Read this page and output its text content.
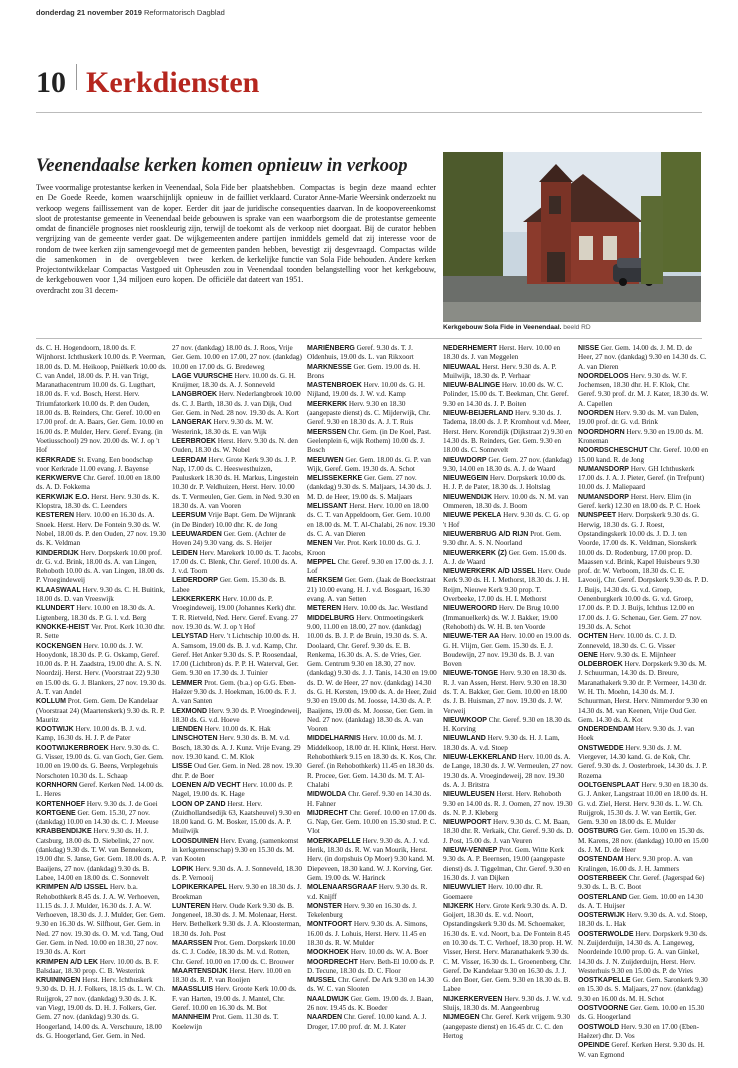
donderdag 21 november 2019 Reformatorisch Dagblad
10 Kerkdiensten
Veenendaalse kerken komen opnieuw in verkoop

Twee voormalige protestantse kerken in Veenendaal, Sola Fide en De Goede Reede, komen waarschijnlijk opnieuw in de verkoop wegens faillissement van de koper. Eerder dit jaar sloot de protestantse gemeente in Veenendaal beide gebouwen omdat de financiële prognoses niet rooskleurig zijn, terwijl de vergrijzing van de gemeente verder gaat. De wijkgemeenten rondom de twee kerken zijn samengevoegd met de gemeenten die samenkomen in de overgebleven twee kerken. Projectontwikkelaar Compactas Vastgoed uit Opheusden zou de kerkgebouwen voor 1,34 miljoen euro kopen. De officiële overdracht zou 31 decem-

ber plaatshebben. Compactas is begin deze maand echter failliet verklaard. Curator Anne-Marie Weersink onderzoekt nu de juridische consequenties daarvan. In de koopovereenkomst is sprake van een waarborgsom die de protestantse gemeente toekomt als de verkoop niet doorgaat. Bij de curator hebben andere partijen inmiddels gemeld dat zij interesse voor de panden hebben, bevestigt zij desgevraagd. Compactas wilde de kerkelijke functie van Sola Fide behouden. Andere kerken in Veenendaal toonden belangstelling voor het kerkgebouw, dat dateert van 1951.

Kerkgebouw Sola Fide in Veenendaal. beeld RD

ds. C. H. Hogendoorn, 18.00 ds. F. Wijnhorst. Ichthuskerk 10.00 ds. P. Veerman, 18.00 ds. D. M. Heikoop, Pniëlkerk 10.00 ds. C. van Andel, 18.00 ds. P. H. van Trigt, Maranathacentrum 10.00 ds. G. Lugthart, 18.00 ds. F. v.d. Bosch, Herst. Herv. Triumfatorkerk 10.00 ds. P. den Ouden, 18.00 ds. B. Reinders, Chr. Geref. 10.00 en 17.00 prof. dr. A. Baars, Ger. Gem. 10.00 en 16.00 ds. P. Mulder, Herv. Geref. Evang. (in Voetiusschool) 29 nov. 20.00 ds. W. J. op 't Hof

KERKRADE St. Evang. Een boodschap voor Kerkrade 11.00 evang. J. Bayense

KERKWERVE Chr. Geref. 10.00 en 18.00 ds. A. D. Fokkema

KERKWIJK E.O. Herst. Herv. 9.30 ds. K. Klopstra, 18.30 ds. C. Leenders

KESTEREN Herv. 10.00 en 16.30 ds. A. Snoek. Herst. Herv. De Fontein 9.30 ds. W. Nobel, 18.00 ds. P. den Ouden, 27 nov. 19.30 ds. K. Veldman

KINDERDIJK Herv. Dorpskerk 10.00 prof. dr. G. v.d. Brink, 18.00 ds. A. van Lingen, Rehoboth 10.00 ds. A. van Lingen, 18.00 ds. P. Vroegindeweij

KLAASWAAL Herv. 9.30 ds. C. H. Buitink, 18.00 ds. D. van Vreeswijk

KLUNDERT Herv. 10.00 en 18.30 ds. A. Ligtenberg, 18.30 ds. P. G. l. v.d. Berg

KNOKKE-HEIST Ver. Prot. Kerk 10.30 dhr. R. Sette

KOCKENGEN Herv. 10.00 ds. J. W. Hooydonk, 18.30 ds. P. G. Oskamp, Geref. 10.00 ds. P. H. Zaadstra, 19.00 dhr. A. S. N. Noordzij. Herst. Herv. (Voorstraat 22) 9.30 en 15.00 ds. G. J. Blankers, 27 nov. 19.30 ds. A. T. van Andel

KOLLUM Prot. Gem. Gem. De Kandelaar (Voorstraat 24) (Maartenskerk) 9.30 ds. R. P. Mauritz

KOOTWIJK Herv. 10.00 ds. B. J. v.d. Kamp, 16.30 ds. H. J. P. de Pater

KOOTWIJKERBROEK Herv. 9.30 ds. C. G. Visser, 19.00 ds. G. van Goch, Ger. Gem. 10.00 en 19.00 ds. G. Beens, Verplegehuis Norschoten 10.30 ds. L. Schaap

KORNHORN Geref. Kerken Ned. 14.00 ds. L. Heres

KORTENHOEF Herv. 9.30 ds. J. de Goei

KORTGENE Ger. Gem. 15.30, 27 nov. (dankdag) 10.00 en 14.30 ds. C. J. Meeuse

KRABBENDIJKE Herv. 9.30 ds. H. J. Catsburg, 18.00 ds. D. Siebelink, 27 nov. (dankdag) 9.30 ds. T. W. van Bennekom, 19.00 dhr. S. Janse, Ger. Gem. 18.00 ds. A. P. Baaijens, 27 nov. (dankdag) 9.30 ds. B. Labee, 14.00 en 18.00 ds. C. Sonnevelt

KRIMPEN A/D IJSSEL Herv. b.a. Rehobothkerk 8.45 ds. J. A. W. Verhoeven, 11.15 ds. J. J. Mulder, 16.30 ds. J. A. W. Verhoeven, 18.30 ds. J. J. Mulder, Ger. Gem. 9.30 en 16.30 ds. W. Silfhout, Ger. Gem. in Ned. 27 nov. 19.30 ds. O. M. v.d. Tang, Oud Ger. Gem. in Ned. 10.00 en 18.30, 27 nov. 19.30 ds. A. Kort

KRIMPEN A/D LEK Herv. 10.00 ds. B. F. Balsdaar, 18.30 prop. C. B. Westerink

KRUININGEN Herst. Herv. Ichthuskerk 9.30 ds. D. H. J. Folkers, 18.15 ds. L. W. Ch. Ruijgrok, 27 nov. (dankdag) 9.30 ds. J. K. van Viegt, 19.00 ds. D. H. J. Folkers, Ger. Gem. 27 nov. (dankdag) 9.30 ds. G. Hoogerland, 14.00 ds. A. Verschuure, 18.00 ds. G. Hoogerland, Ger. Gem. in Ned.

27 nov. (dankdag) 18.00 ds. J. Roos, Vrije Ger. Gem. 10.00 en 17.00, 27 nov. (dankdag) 10.00 en 17.00 ds. G. Bredeweg

LAGE VUURSCHE Herv. 10.00 ds. G. H. Kruijmer, 18.30 ds. A. J. Sonneveld

LANGBROEK Herv. Nederlangbroek 10.00 ds. C. J. Barth, 18.30 ds. J. van Dijk, Oud Ger. Gem. in Ned. 28 nov. 19.30 ds. A. Kort

LANGERAK Herv. 9.30 ds. M. W. Westerink, 18.30 ds. E. van Wijk

LEERBROEK Herst. Herv. 9.30 ds. N. den Ouden, 18.30 ds. W. Nobel

LEERDAM Herv. Grote Kerk 9.30 ds. J. P. Nap, 17.00 ds. C. Heeswesthuizen, Pauluskerk 18.30 ds. H. Markus, Lingestein 10.30 dr. P. Veldhuizen, Herst. Herv. 10.00 ds. T. Vermeulen, Ger. Gem. in Ned. 9.30 en 18.30 ds. A. van Vooren

LEERSUM Vrije Bapt. Gem. De Wijnrank (in De Binder) 10.00 dhr. K. de Jong

LEEUWARDEN Ger. Gem. (Achter de Hoven 24) 9.30 vang. ds. S. Heijer

LEIDEN Herv. Marekerk 10.00 ds. T. Jacobs, 17.00 ds. C. Blenk, Chr. Geref. 10.00 ds. A. J. v.d. Toorn

LEIDERDORP Ger. Gem. 15.30 ds. B. Labee

LEKKERKERK Herv. 10.00 ds. P. Vroegindeweij, 19.00 (Johannes Kerk) dhr. T. R. Rietveld, Ned. Herv. Geref. Evang. 27 nov. 19.30 ds. W. J. op 't Hof

LELYSTAD Herv. 't Lichtschip 10.00 ds. H. A. Samsom, 19.00 ds. B. J. v.d. Kamp, Chr. Geref. Het Anker 9.30 ds. S. P. Roosendaal, 17.00 (Lichtbron) ds. P. P. H. Waterval, Ger. Gem. 9.30 en 17.30 ds. J. Tuinier

LEMMER Prot. Gem. (b.a.) op G.G. Eben-Haëzer 9.30 ds. J. Hoekman, 16.00 ds. F. J. A. van Santen

LEXMOND Herv. 9.30 ds. P. Vroegindeweij, 18.30 ds. G. v.d. Hoeve

LIENDEN Herv. 10.00 ds. K. Hak

LINSCHOTEN Herv. 9.30 ds. B. M. v.d. Bosch, 18.30 ds. A. J. Kunz. Vrije Evang. 29 nov. 19.30 kand. C. M. Klok

LISSE Oud Ger. Gem. in Ned. 28 nov. 19.30 dhr. P. de Boer

LOENEN A/D VECHT Herv. 10.00 ds. P. Nagel, 19.00 ds. K. Hage

LOON OP ZAND Herst. Herv. (Zuidhollandsedijk 63, Kaatsheuvel) 9.30 en 18.00 kand. G. M. Bosker, 15.00 ds. A. P. Muilwijk

LOOSDUINEN Herv. Evang. (samenkomst in kerkgemeenschap) 9.30 en 15.30 ds. M. van Kooten

LOPIK Herv. 9.30 ds. A. J. Sonneveld, 18.30 ds. P. Vernooij

LOPIKERKAPEL Herv. 9.30 en 18.30 ds. J. Broekman

LUNTEREN Herv. Oude Kerk 9.30 ds. B. Jongeneel, 18.30 ds. J. M. Molenaar, Herst. Herv. Bethelkerk 9.30 ds. J. A. Kloosterman, 18.30 ds. Joh. Post

MAARSSEN Prot. Gem. Dorpskerk 10.00 ds. C. J. Codée, 18.30 ds. M. v.d. Rotten, Chr. Geref. 10.00 en 17.00 ds. C. Brouwer

MAARTENSDIJK Herst. Herv. 10.00 en 18.30 ds. R. P. van Rooijen

MAASSLUIS Herv. Groote Kerk 10.00 ds. F. van Harten, 19.00 ds. J. Mantel, Chr. Geref. 10.00 en 16.30 ds. M. Bot

MANNHEIM Prot. Gem. 11.30 ds. T. Koelewijn

MARIËNBERG Geref. 9.30 ds. T. J. Oldenhuis, 19.00 ds. L. van Rikxoort

MARKNESSE Ger. Gem. 19.00 ds. H. Brons

MASTENBROEK Herv. 10.00 ds. G. H. Nijland, 19.00 ds. J. W. v.d. Kamp

MEERKERK Herv. 9.30 en 18.30 (aangepaste dienst) ds. C. Mijderwijk, Chr. Geref. 9.30 en 18.30 ds. A. J. T. Ruis

MEERSSEN Chr. Gem. (in De Koel, Past. Geelenplein 6, wijk Rothem) 10.00 ds. J. Bosch

MEEUWEN Ger. Gem. 18.00 ds. G. P. van Wijk, Geref. Gem. 19.30 ds. A. Schot

MELISSEKERKE Ger. Gem. 27 nov. (dankdag) 9.30 ds. S. Maljaars, 14.30 ds. J. M. D. de Heer, 19.00 ds. S. Maljaars

MELISSANT Herst. Herv. 10.00 en 18.00 ds. C. T. van Appeldoorn, Ger. Gem. 10.00 en 18.00 ds. M. T. Al-Chalabi, 26 nov. 19.30 ds. C. A. van Dieren

MENEN Ver. Prot. Kerk 10.00 ds. G. J. Kroon

MEPPEL Chr. Geref. 9.30 en 17.00 ds. J. J. Lof

MERKSEM Ger. Gem. (Jaak de Boeckstraat 21) 10.00 evang. H. J. v.d. Bosgaart, 16.30 evang. A. van Setten

METEREN Herv. 10.00 ds. Jac. Westland

MIDDELBURG Herv. Ontmoetingskerk 9.00, 11.00 en 18.00, 27 nov. (dankdag) 10.00 ds. B. J. P. de Bruin, 19.30 ds. S. A. Doolaard, Chr. Geref. 9.30 ds. E. B. Renkema, 16.30 ds. A. S. de Vries, Ger. Gem. Centrum 9.30 en 18.30, 27 nov. (dankdag) 9.30 ds. J. J. Tanis, 14.30 en 19.00 ds. D. W. de Heer, 27 nov. (dankdag) 14.30 ds. G. H. Kersten, 19.00 ds. A. de Heer, Zuid 9.30 en 19.00 ds. M. Joosse, 14.30 ds. A. P. Baaijens, 19.00 ds. M. Joosse, Ger. Gem. in Ned. 27 nov. (dankdag) 18.30 ds. A. van Vooren

MIDDELHARNIS Herv. 10.00 ds. M. J. Middelkoop, 18.00 dr. H. Klink, Herst. Herv. Rehobothkerk 9.15 en 18.30 ds. K. Kos, Chr. Geref. (in Rehobothkerk) 11.45 en 18.30 ds. R. Procee, Ger. Gem. 14.30 ds. M. T. Al-Chalabi

MIDWOLDA Chr. Geref. 9.30 en 14.30 ds. H. Fahner

MIJDRECHT Chr. Geref. 10.00 en 17.00 ds. G. Nap, Ger. Gem. 10.00 en 15.30 stud. P. C. Vlot

MOERKAPELLE Herv. 9.30 ds. A. J. v.d. Herik, 18.30 ds. R. W. van Mourik, Herst. Herv. (in dorpshuis Op Moer) 9.30 kand. M. Diepeveen, 18.30 kand. W. J. Korving, Ger. Gem. 19.00 ds. W. Harinck

MOLENAARSGRAAF Herv. 9.30 ds. R. v.d. Knijff

MONSTER Herv. 9.30 en 16.30 ds. J. Tekelenburg

MONTFOORT Herv. 9.30 ds. A. Simons, 16.00 ds. J. Lohuis, Herst. Herv. 11.45 en 18.30 ds. R. W. Mulder

MOOKHOEK Herv. 10.00 ds. W. A. Boer

MOORDRECHT Herv. Beth-El 10.00 ds. P. D. Tecune, 18.30 ds. D. C. Floor

MUSSEL Chr. Geref. De Ark 9.30 en 14.30 ds. W. C. van Slooten

NAALDWIJK Ger. Gem. 19.00 ds. J. Baan, 26 nov. 19.45 ds. K. Boeder

NAARDEN Chr. Geref. 10.00 kand. A. J. Droger, 17.00 prof. dr. M. J. Kater

NEDERHEMERT Herst. Herv. 10.00 en 18.30 ds. J. van Meggelen

NIEUWAAL Herst. Herv. 9.30 ds. A. P. Muilwijk, 18.30 ds. P. Verhaar

NIEUW-BALINGE Herv. 10.00 ds. W. C. Polinder, 15.00 ds. T. Beekman, Chr. Geref. 9.30 en 14.30 ds. J. P. Boiten

NIEUW-BEIJERLAND Herv. 9.30 ds. J. Tadema, 18.00 ds. J. P. Kromhout v.d. Meer, Herst. Herv. Korendijk (Dijkstraat 2) 9.30 en 14.30 ds. B. Reinders, Ger. Gem. 9.30 en 18.00 ds. C. Sonnevelt

NIEUWDORP Ger. Gem. 27 nov. (dankdag) 9.30, 14.00 en 18.30 ds. A. J. de Waard

NIEUWEGEIN Herv. Dorpskerk 10.00 ds. H. J. P. de Pater, 18.30 ds. J. Holtslag

NIEUWENDIJK Herv. 10.00 ds. N. M. van Ommeren, 18.30 ds. J. Boom

NIEUWE PEKELA Herv. 9.30 ds. C. G. op 't Hof

NIEUWERBRUG A/D RIJN Prot. Gem. 9.30 dhr. A. S. N. Noorland

NIEUWERKERK (Z) Ger. Gem. 15.00 ds. A. J. de Waard

NIEUWERKERK A/D IJSSEL Herv. Oude Kerk 9.30 ds. H. I. Methorst, 18.30 ds. J. H. Reijm, Nieuwe Kerk 9.30 prop. T. Overbeeke, 17.00 ds. H. I. Methorst

NIEUWEROORD Herv. De Brug 10.00 (Immanuelkerk) ds. W. J. Bakker, 19.00 (Rehoboth) ds. W. H. B. ten Voorde

NIEUWE-TER AA Herv. 10.00 en 19.00 ds. G. H. Vlijm, Ger. Gem. 15.30 ds. E. J. Boudewijn, 27 nov. 19.30 ds. B. J. van Boven

NIEUWE-TONGE Herv. 9.30 en 18.30 ds. R. J. van Assen, Herst. Herv. 9.30 en 18.30 ds. T. A. Bakker, Ger. Gem. 10.00 en 18.00 ds. J. B. Huisman, 27 nov. 19.30 ds. J. W. Verweij

NIEUWKOOP Chr. Geref. 9.30 en 18.30 ds. H. Korving

NIEUWLAND Herv. 9.30 ds. H. J. Lam, 18.30 ds. A. v.d. Stoep

NIEUW-LEKKERLAND Herv. 10.00 ds. A. de Lange, 18.30 ds. J. W. Vermeulen, 27 nov. 19.30 ds. A. Vroegindeweij, 28 nov. 19.30 ds. A. J. Britstra

NIEUWLEUSEN Herst. Herv. Rehoboth 9.30 en 14.00 ds. R. J. Oomen, 27 nov. 19.30 ds. N. P. J. Kleberg

NIEUWPOORT Herv. 9.30 ds. C. M. Baan, 18.30 dhr. R. Verkaik, Chr. Geref. 9.30 ds. D. J. Post, 15.00 ds. J. van Veuren

NIEUW-VENNEP Prot. Gem. Witte Kerk 9.30 ds. A. P. Beernsen, 19.00 (aangepaste dienst) ds. J. Tiggelman, Chr. Geref. 9.30 en 16.30 ds. J. van Dijken

NIEUWVLIET Herv. 10.00 dhr. R. Goemaere

NIJKERK Herv. Grote Kerk 9.30 ds. A. D. Goijert, 18.30 ds. E. v.d. Noort, Opstandingskerk 9.30 ds. M. Schoemaker, 16.30 ds. E. v.d. Noort, b.a. De Fontein 8.45 en 10.30 ds. T. C. Verhoef, 18.30 prop. H. W. Visser, Herst. Herv. Maranathakerk 9.30 ds. C. M. Visser, 16.30 ds. L. Groenenberg, Chr. Geref. De Kandelaar 9.30 en 16.30 ds. J. J. G. den Boer, Ger. Gem. 9.30 en 18.30 ds. B. Labee

NIJKERKERVEEN Herv. 9.30 ds. J. W. v.d. Sluijs, 18.30 ds. M. Aangeenbrug

NIJMEGEN Chr. Geref. Kerk vrijgem. 9.30 (aangepaste dienst) en 16.45 dr. C. C. den Hertog

NISSE Ger. Gem. 14.00 ds. J. M. D. de Heer, 27 nov. (dankdag) 9.30 en 14.30 ds. C. A. van Dieren

NOORDELOOS Herv. 9.30 ds. W. F. Jochemsen, 18.30 dhr. H. F. Klok, Chr. Geref. 9.30 prof. dr. M. J. Kater, 18.30 ds. W. A. Capellen

NOORDEN Herv. 9.30 ds. M. van Dalen, 19.00 prof. dr. G. v.d. Brink

NOORDHORN Herv. 9.30 en 19.00 ds. M. Kroneman

NOORDSCHESCHUT Chr. Geref. 10.00 en 15.00 kand. R. de Jong

NUMANSDORP Herv. GH Ichthuskerk 17.00 ds. J. A. J. Pieter, Geref. (in Trefpunt) 10.00 ds. J. Maliepaard

NUMANSDORP Herst. Herv. Elim (in Geref. kerk) 12.30 en 18.00 ds. P. C. Hoek

NUNSPEET Herv. Dorpskerk 9.30 ds. G. Herwig, 18.30 ds. G. J. Roest, Opstandingskerk 10.00 ds. J. D. J. ten Voorde, 17.00 ds. K. Veldman, Sionskerk 10.00 ds. D. Rodenburg, 17.00 prop. D. Maassen v.d. Brink, Kapel Huisbeurs 9.30 prof. dr. W. Verboom, 18.30 ds. C. E. Lavooij, Chr. Geref. Dorpskerk 9.30 ds. P. D. J. Buijs, 14.30 ds. G. v.d. Groep, Oenenburgkerk 10.00 ds. G. v.d. Groep, 17.00 ds. P. D. J. Buijs, Ichthus 12.00 en 17.00 ds. J. G. Schenau, Ger. Gem. 27 nov. 19.30 ds. A. Schot

OCHTEN Herv. 10.00 ds. C. J. D. Zonneveld, 18.30 ds. C. G. Visser

OENE Herv. 9.30 ds. E. Mijnheer

OLDEBROEK Herv. Dorpskerk 9.30 ds. M. J. Schuurman, 14.30 ds. D. Breure, Maranathakerk 9.30 dr. P. Vermeer, 14.30 dr. W. H. Th. Moehn, 14.30 ds. M. J. Schuurman, Herst. Herv. Nimmerdor 9.30 en 14.30 ds. M. van Keenen, Vrije Oud Ger. Gem. 14.30 ds. A. Kot

ONDERDENDAM Herv. 9.30 ds. J. van Hoek

ONSTWEDDE Herv. 9.30 ds. J. M. Viergever, 14.30 kand. G. de Kok, Chr. Geref. 9.30 ds. J. Oosterbroek, 14.30 ds. J. P. Rozema

OOLTGENSPLAAT Herv. 9.30 en 18.30 ds. G. J. Anker, Langstraat 10.00 en 18.00 ds. H. G. v.d. Ziel, Herst. Herv. 9.30 ds. L. W. Ch. Ruijgrok, 15.30 ds. J. W. van Eertik, Ger. Gem. 9.30 en 18.00 ds. E. Mulder

OOSTBURG Ger. Gem. 10.00 en 15.30 ds. M. Karens, 28 nov. (dankdag) 10.00 en 15.00 ds. J. M. D. de Heer

OOSTENDAM Herv. 9.30 prop. A. van Kralingen, 16.00 ds. J. H. Jammers

OOSTERBEEK Chr. Geref. (Jagerspad 6e) 9.30 ds. L. B. C. Boot

OOSTERLAND Ger. Gem. 10.00 en 14.30 ds. A. T. Huijser

OOSTERWIJK Herv. 9.30 ds. A. v.d. Stoep, 18.30 ds. L. Hak

OOSTERWOLDE Herv. Dorpskerk 9.30 ds. N. Zuijderduijn, 14.30 ds. A. Langeweg, Noordeinde 10.00 prop. G. A. van Ginkel, 14.30 ds. J. N. Zuijderduijn, Herst. Herv. Westerhuis 9.30 en 15.00 ds. P. de Vries

OOSTKAPELLE Ger. Gem. Saronkerk 9.30 en 15.30 ds. S. Maljaars, 27 nov. (dankdag) 9.30 en 16.00 ds. M. H. Schot

OOSTVOORNE Ger. Gem. 10.00 en 15.30 ds. G. Hoogerland

OOSTWOLD Herv. 9.30 en 17.00 (Eben-Haëzer) dhr. D. Vos

OPEINDE Geref. Kerken Herst. 9.30 ds. H. W. van Egmond
